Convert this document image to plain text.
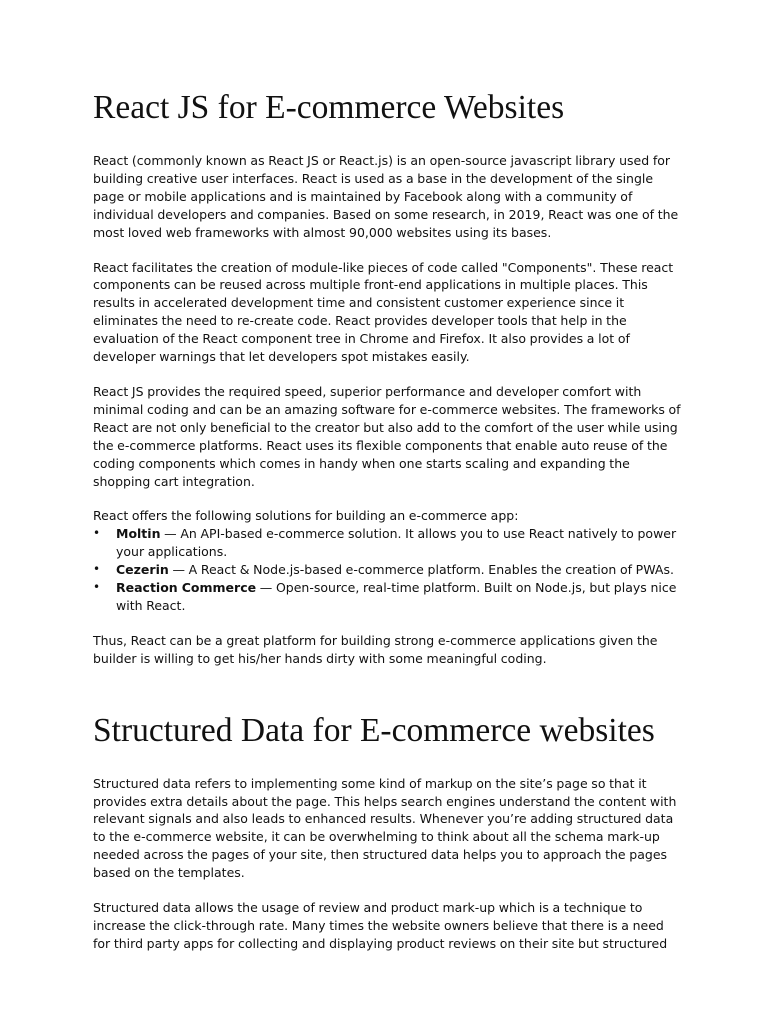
React JS for E-commerce Websites

React (commonly known as React JS or React.js) is an open-source javascript library used for building creative user interfaces. React is used as a base in the development of the single page or mobile applications and is maintained by Facebook along with a community of individual developers and companies. Based on some research, in 2019, React was one of the most loved web frameworks with almost 90,000 websites using its bases.

React facilitates the creation of module-like pieces of code called "Components". These react components can be reused across multiple front-end applications in multiple places. This results in accelerated development time and consistent customer experience since it eliminates the need to re-create code. React provides developer tools that help in the evaluation of the React component tree in Chrome and Firefox. It also provides a lot of developer warnings that let developers spot mistakes easily.

React JS provides the required speed, superior performance and developer comfort with minimal coding and can be an amazing software for e-commerce websites. The frameworks of React are not only beneficial to the creator but also add to the comfort of the user while using the e-commerce platforms. React uses its flexible components that enable auto reuse of the coding components which comes in handy when one starts scaling and expanding the shopping cart integration.

React offers the following solutions for building an e-commerce app:

• Moltin — An API-based e-commerce solution. It allows you to use React natively to power your applications.
• Cezerin — A React & Node.js-based e-commerce platform. Enables the creation of PWAs.
• Reaction Commerce — Open-source, real-time platform. Built on Node.js, but plays nice with React.

Thus, React can be a great platform for building strong e-commerce applications given the builder is willing to get his/her hands dirty with some meaningful coding.

Structured Data for E-commerce websites

Structured data refers to implementing some kind of markup on the site’s page so that it provides extra details about the page. This helps search engines understand the content with relevant signals and also leads to enhanced results. Whenever you’re adding structured data to the e-commerce website, it can be overwhelming to think about all the schema mark-up needed across the pages of your site, then structured data helps you to approach the pages based on the templates.

Structured data allows the usage of review and product mark-up which is a technique to increase the click-through rate. Many times the website owners believe that there is a need for third party apps for collecting and displaying product reviews on their site but structured
